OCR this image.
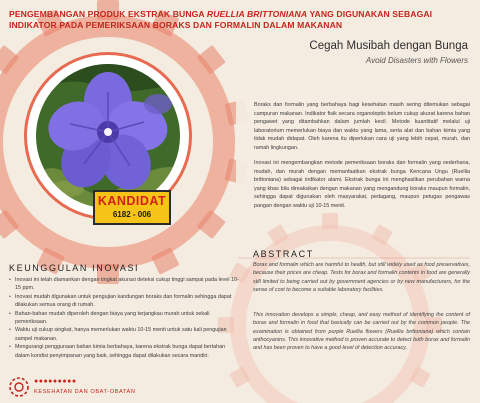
PENGEMBANGAN PRODUK EKSTRAK BUNGA RUELLIA BRITTONIANA YANG DIGUNAKAN SEBAGAI INDIKATOR PADA PEMERIKSAAN BORAKS DAN FORMALIN DALAM MAKANAN
KANDIDAT
6182 - 006
Cegah Musibah dengan Bunga
Avoid Disasters with Flowers

Boraks dan formalin yang berbahaya bagi kesehatan masih sering ditemukan sebagai campuran makanan. Indikator fisik secara organoleptis belum cukup akurat karena bahan pengawet yang ditambahkan dalam jumlah kecil. Metode kuantitatif melalui uji laboratorium memerlukan biaya dan waktu yang lama, serta alat dan bahan kimia yang tidak mudah didapat. Oleh karena itu diperlukan cara uji yang lebih cepat, murah, dan ramah lingkungan.

Inovasi ini mengembangkan metode pemeriksaan boraks dan formalin yang sederhana, mudah, dan murah dengan memanfaatkan ekstrak bunga Kencana Ungu (Ruellia brittoniana) sebagai indikator alami. Ekstrak bunga ini menghasilkan perubahan warna yang khas bila direaksikan dengan makanan yang mengandung boraks maupun formalin, sehingga dapat digunakan oleh masyarakat, pedagang, maupun petugas pengawas pangan dengan waktu uji 10-15 menit.

ABSTRACT

Borax and formalin which are harmful to health, but still widely used as food preservatives, because their prices are cheap. Tests for borax and formalin contents in food are generally still limited to being carried out by government agencies or by new manufacturers, for the sense of cost to become a suitable laboratory facilities.

This innovation develops a simple, cheap, and easy method of identifying the content of borax and formalin in food that basically can be carried out by the common people. The examination is obtained from purple Ruellia flowers (Ruellia brittoniana) which contain anthocyanins. This innovative method is proven accurate to detect both borax and formalin and has been proven to have a good level of detection accuracy.

KEUNGGULAN INOVASI
• Inovasi ini telah diamankan dengan tingkat akurasi deteksi cukup tinggi sampai pada level 10-15 ppm.
• Inovasi mudah digunakan untuk pengujian kandungan boraks dan formalin sehingga dapat dilakukan semua orang di rumah.
• Bahan-bahan mudah diperoleh dengan biaya yang terjangkau murah untuk sekali pemeriksaan.
• Waktu uji cukup singkat, hanya memerlukan waktu 10-15 menit untuk satu kali pengujian sampel makanan.
• Mengurangi penggunaan bahan kimia berbahaya, karena ekstrak bunga dapat bertahan dalam kondisi penyimpanan yang baik, sehingga dapat dilakukan secara mandiri.
●●●●●●●●●
KESEHATAN DAN OBAT-OBATAN
